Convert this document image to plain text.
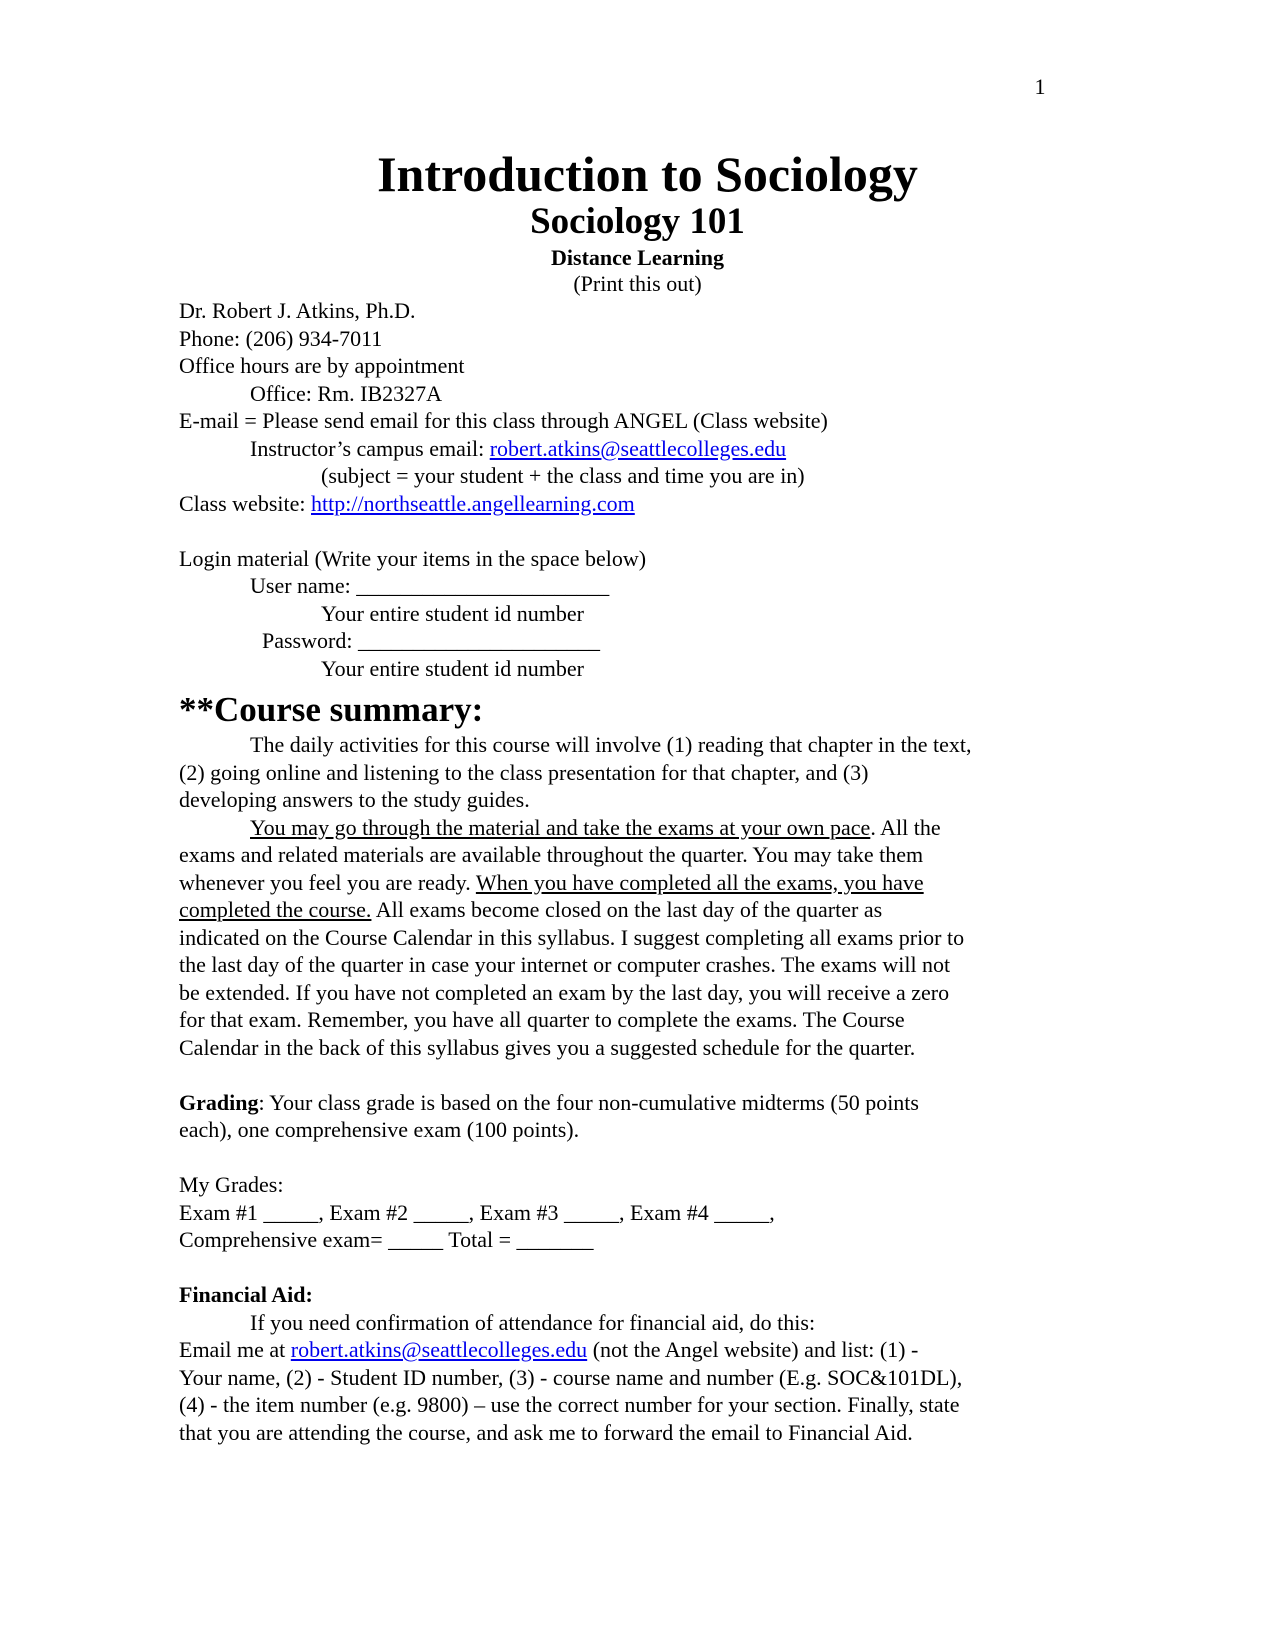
1
Introduction to Sociology
Sociology 101
Distance Learning
(Print this out)
Dr. Robert J. Atkins, Ph.D.
Phone: (206) 934-7011
Office hours are by appointment
Office: Rm. IB2327A
E-mail = Please send email for this class through ANGEL (Class website)
Instructor’s campus email: robert.atkins@seattlecolleges.edu
(subject = your student + the class and time you are in)
Class website: http://northseattle.angellearning.com
Login material (Write your items in the space below)
User name: _______________________
Your entire student id number
Password: ______________________
Your entire student id number
**Course summary:
The daily activities for this course will involve (1) reading that chapter in the text,
(2) going online and listening to the class presentation for that chapter, and (3)
developing answers to the study guides.
You may go through the material and take the exams at your own pace. All the
exams and related materials are available throughout the quarter. You may take them
whenever you feel you are ready. When you have completed all the exams, you have
completed the course. All exams become closed on the last day of the quarter as
indicated on the Course Calendar in this syllabus. I suggest completing all exams prior to
the last day of the quarter in case your internet or computer crashes. The exams will not
be extended. If you have not completed an exam by the last day, you will receive a zero
for that exam. Remember, you have all quarter to complete the exams. The Course
Calendar in the back of this syllabus gives you a suggested schedule for the quarter.
Grading: Your class grade is based on the four non-cumulative midterms (50 points
each), one comprehensive exam (100 points).
My Grades:
Exam #1 _____, Exam #2 _____, Exam #3 _____, Exam #4 _____,
Comprehensive exam= _____ Total = _______
Financial Aid:
If you need confirmation of attendance for financial aid, do this:
Email me at robert.atkins@seattlecolleges.edu (not the Angel website) and list: (1) -
Your name, (2) - Student ID number, (3) - course name and number (E.g. SOC&101DL),
(4) - the item number (e.g. 9800) – use the correct number for your section. Finally, state
that you are attending the course, and ask me to forward the email to Financial Aid.
